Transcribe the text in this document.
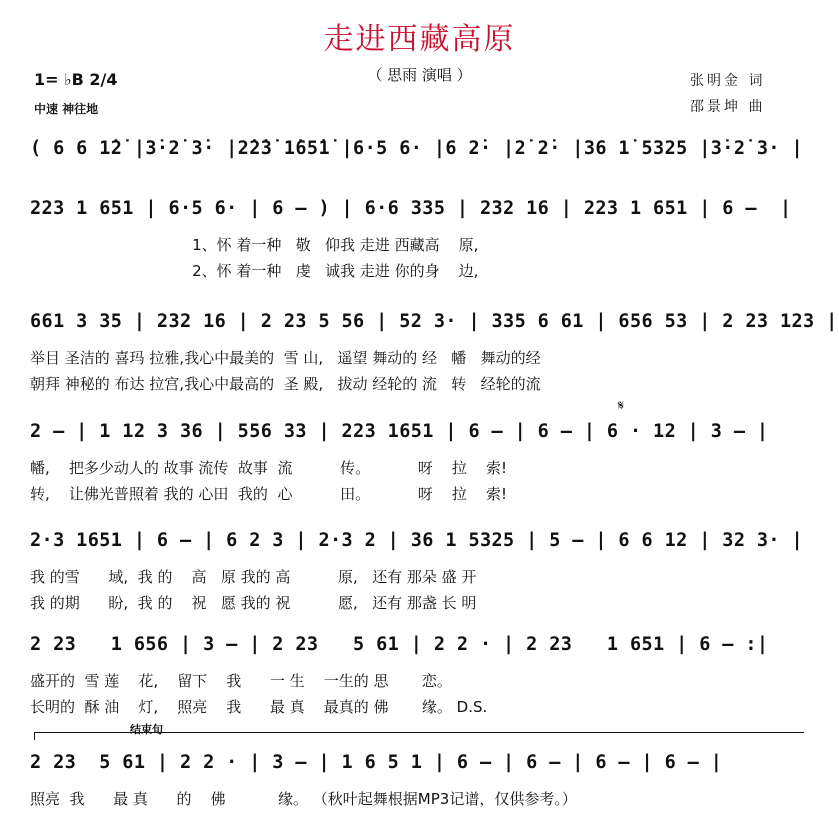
走进西藏高原
（ 思雨 演唱 ）
1= ♭B 2/4
中速 神往地
张明金 词
邵景坤 曲
( 6 6 1̇2̇ |3̇·2̇ 3̇· |2̇2̇3̇ 1̇65̇1̇ |6·5 6· |6 2̇· |2̇ 2̇· |36 1̇ 5325 |3̇·2̇ 3· |
223 1 651 | 6·5 6· | 6 – ) | 6·6 335 | 232 16 | 223 1 651 | 6 –  |
1、怀 着一种   敬   仰我 走进 西藏高    原,
2、怀 着一种   虔   诚我 走进 你的身    边,
661 3 35 | 232 16 | 2 23 5 56 | 52 3· | 335 6 61 | 656 53 | 2 23 123 |
举目 圣洁的 喜玛 拉雅,我心中最美的  雪 山,   遥望 舞动的 经   幡   舞动的经
朝拜 神秘的 布达 拉宫,我心中最高的  圣 殿,   拔动 经轮的 流   转   经轮的流
𝄋
2 – | 1 12 3 36 | 556 33 | 223 1651 | 6 – | 6 – | 6 · 12 | 3 – |
幡,    把多少动人的 故事 流传  故事  流          传。          呀    拉    索!
转,    让佛光普照着 我的 心田  我的  心          田。          呀    拉    索!
2·3 1651 | 6 – | 6 2 3 | 2·3 2 | 36 1 5325 | 5 – | 6 6 12 | 32 3· |
我 的雪      域,  我 的    高   原 我的 高          原,   还有 那朵 盛 开
我 的期      盼,  我 的    祝   愿 我的 祝          愿,   还有 那盏 长 明
2 23   1 656 | 3 – | 2 23   5 61 | 2 2 · | 2 23   1 651 | 6 – :|
盛开的  雪 莲    花,    留下    我      一 生    一生的 思       恋。
长明的  酥 油    灯,    照亮    我      最 真    最真的 佛       缘。 D.S.
结束句
2 23  5 61 | 2 2 · | 3 – | 1 6 5 1 | 6 – | 6 – | 6 – | 6 – |
照亮  我      最 真      的    佛           缘。 （秋叶起舞根据MP3记谱，仅供参考。）
